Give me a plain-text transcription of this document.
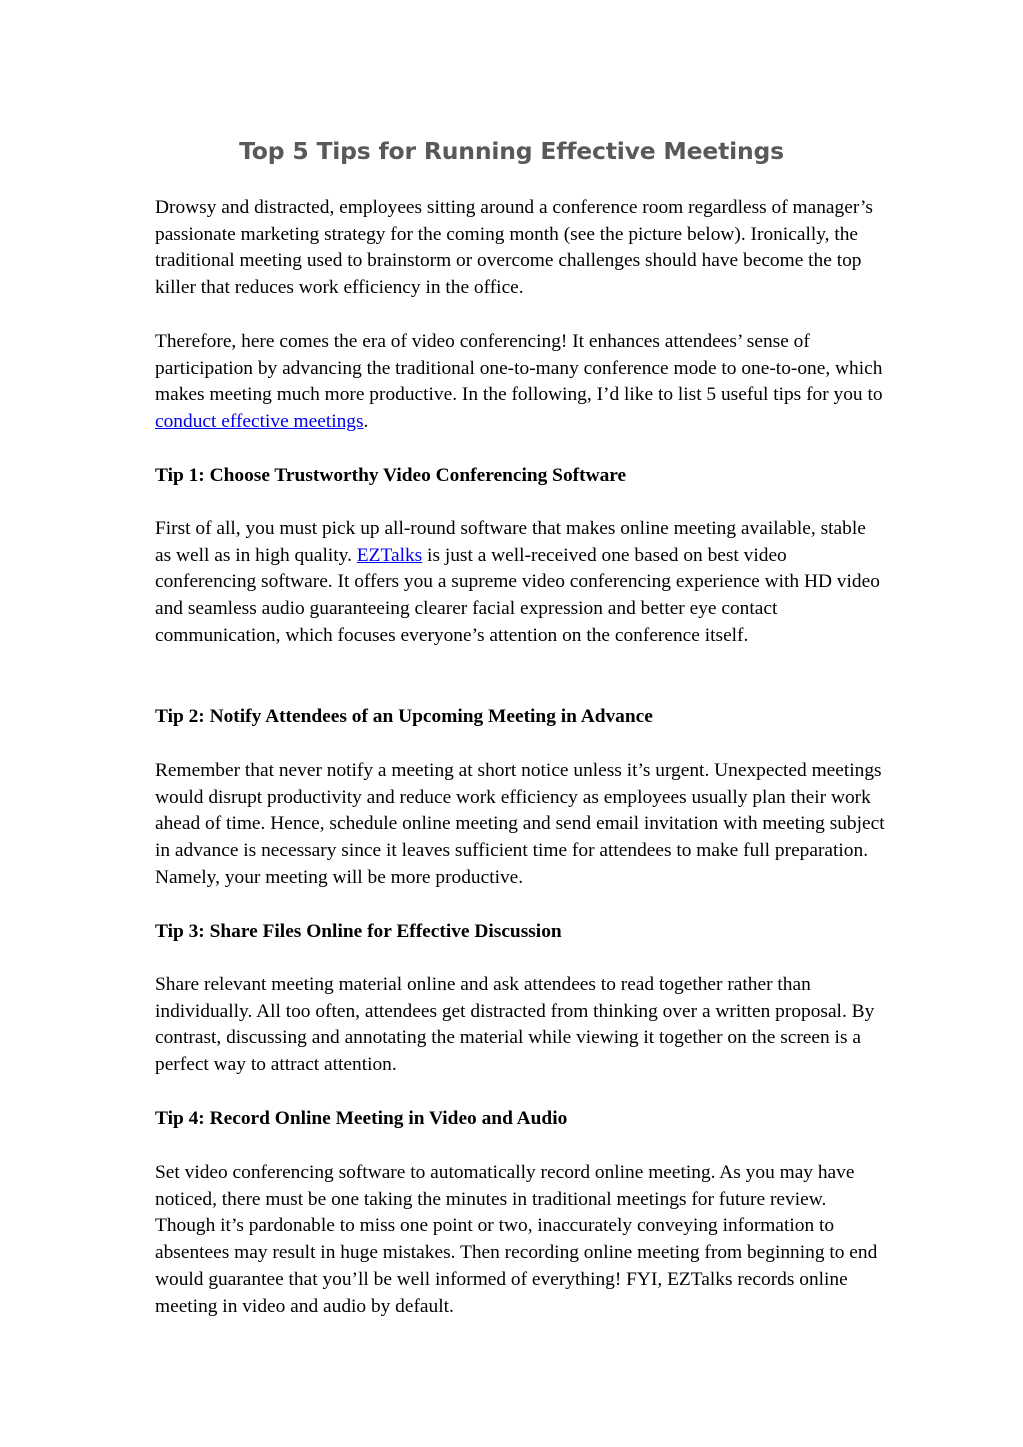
Top 5 Tips for Running Effective Meetings

Drowsy and distracted, employees sitting around a conference room regardless of manager’s passionate marketing strategy for the coming month (see the picture below). Ironically, the traditional meeting used to brainstorm or overcome challenges should have become the top killer that reduces work efficiency in the office.

Therefore, here comes the era of video conferencing! It enhances attendees’ sense of participation by advancing the traditional one-to-many conference mode to one-to-one, which makes meeting much more productive. In the following, I’d like to list 5 useful tips for you to conduct effective meetings.

Tip 1: Choose Trustworthy Video Conferencing Software

First of all, you must pick up all-round software that makes online meeting available, stable as well as in high quality. EZTalks is just a well-received one based on best video conferencing software. It offers you a supreme video conferencing experience with HD video and seamless audio guaranteeing clearer facial expression and better eye contact communication, which focuses everyone’s attention on the conference itself.

Tip 2: Notify Attendees of an Upcoming Meeting in Advance

Remember that never notify a meeting at short notice unless it’s urgent. Unexpected meetings would disrupt productivity and reduce work efficiency as employees usually plan their work ahead of time. Hence, schedule online meeting and send email invitation with meeting subject in advance is necessary since it leaves sufficient time for attendees to make full preparation. Namely, your meeting will be more productive.

Tip 3: Share Files Online for Effective Discussion

Share relevant meeting material online and ask attendees to read together rather than individually. All too often, attendees get distracted from thinking over a written proposal. By contrast, discussing and annotating the material while viewing it together on the screen is a perfect way to attract attention.

Tip 4: Record Online Meeting in Video and Audio

Set video conferencing software to automatically record online meeting. As you may have noticed, there must be one taking the minutes in traditional meetings for future review. Though it’s pardonable to miss one point or two, inaccurately conveying information to absentees may result in huge mistakes. Then recording online meeting from beginning to end would guarantee that you’ll be well informed of everything! FYI, EZTalks records online meeting in video and audio by default.
